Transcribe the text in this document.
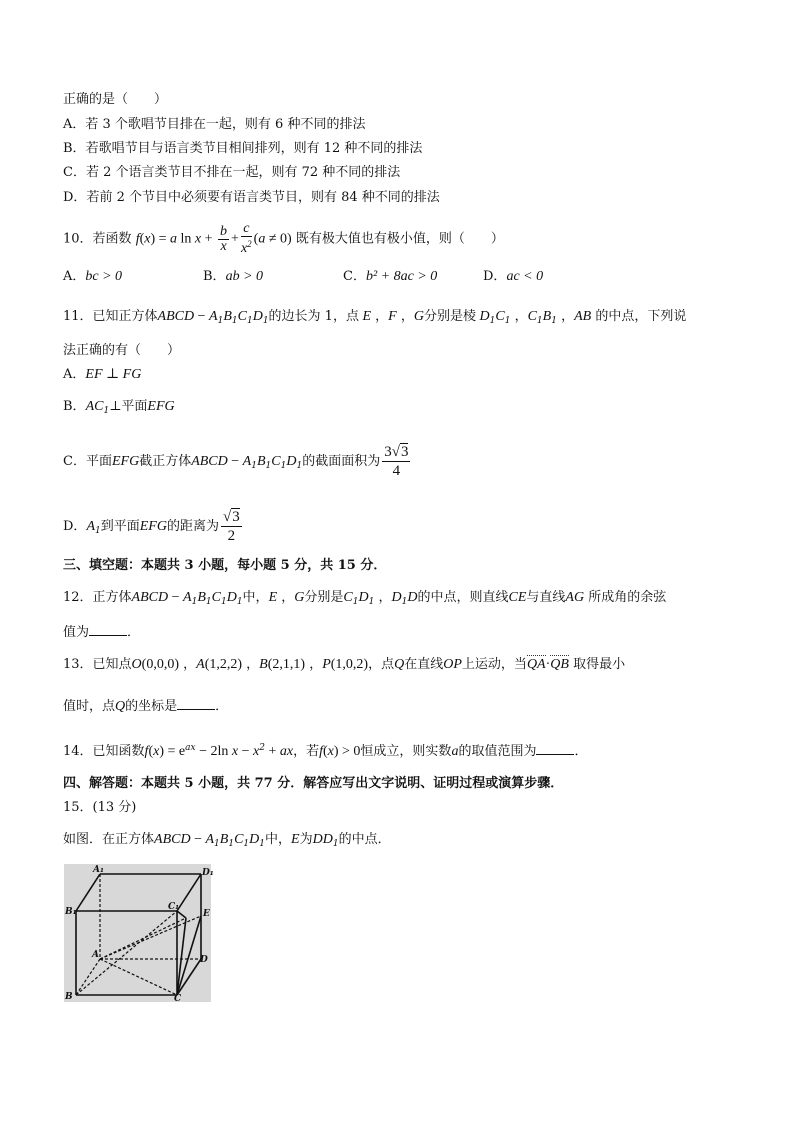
正确的是（　　）
A．若 3 个歌唱节目排在一起，则有 6 种不同的排法
B．若歌唱节目与语言类节目相间排列，则有 12 种不同的排法
C．若 2 个语言类节目不排在一起，则有 72 种不同的排法
D．若前 2 个节目中必须要有语言类节目，则有 84 种不同的排法
10．若函数 f(x) = a $\ln x + \frac{b}{x} + \frac{c}{x^2} (a \ne 0)$ 既有极大值也有极小值，则（　　）
A．bc > 0	B．ab > 0	C．b² + 8ac > 0	D．ac < 0
11．已知正方体ABCD − $A_1B_1C_1D_1$的边长为 1，点 E ，F ，G分别是棱 $D_1C_1$ ，$C_1B_1$ ，AB 的中点，下列说
法正确的有（　　）
A．EF ⊥ FG
B．$AC_1\perp$平面EFG
C．平面EFG截正方体ABCD − $A_1B_1C_1D_1$的截面面积为 $\frac{3√3}{4}$
D．$A_1$到平面EFG的距离为 $\frac{√3}{2}$
三、填空题：本题共 3 小题，每小题 5 分，共 15 分．
12．正方体ABCD − $A_1B_1C_1D_1$中，E ，G分别是$C_1D_1$ ，$D_1D$的中点，则直线CE与直线AG 所成角的余弦
值为	．
13．已知点O(0,0,0) ，A(1,2,2) ，B(2,1,1) ，P(1,0,2)，点Q在直线OP上运动，当QA·QB 取得最小
值时，点Q的坐标是	．
14．已知函数$f(x) = e^{ax} - 2\ln$ $x - x^2$ + ax，若f(x) > 0恒成立，则实数a的取值范围为	．
四、解答题：本题共 5 小题，共 77 分．解答应写出文字说明、证明过程或演算步骤．
15．(13 分)
如图．在正方体ABCD − $A_1B_1C_1D_1$中，E为$DD_1$的中点．
A₁	D₁
B₁	C₁
E
A	D
B	C
